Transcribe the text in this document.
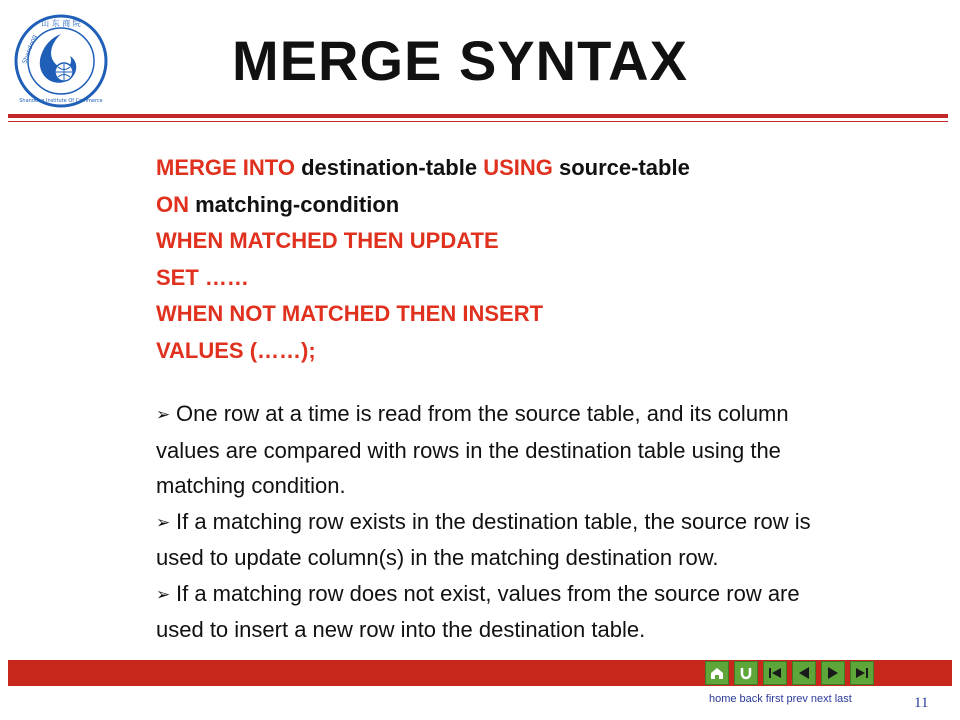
山 东 商 院
Shandong
Shandong Institute Of Commerce
MERGE SYNTAX
MERGE INTO destination-table USING source-table
ON matching-condition
WHEN MATCHED THEN UPDATE
SET ……
WHEN NOT MATCHED THEN INSERT
VALUES (……);

➢ One row at a time is read from the source table, and its column values are compared with rows in the destination table using the matching condition.

➢ If a matching row exists in the destination table, the source row is used to update column(s) in the matching destination row.

➢ If a matching row does not exist, values from the source row are used to insert a new row into the destination table.

home back first prev next last	11
